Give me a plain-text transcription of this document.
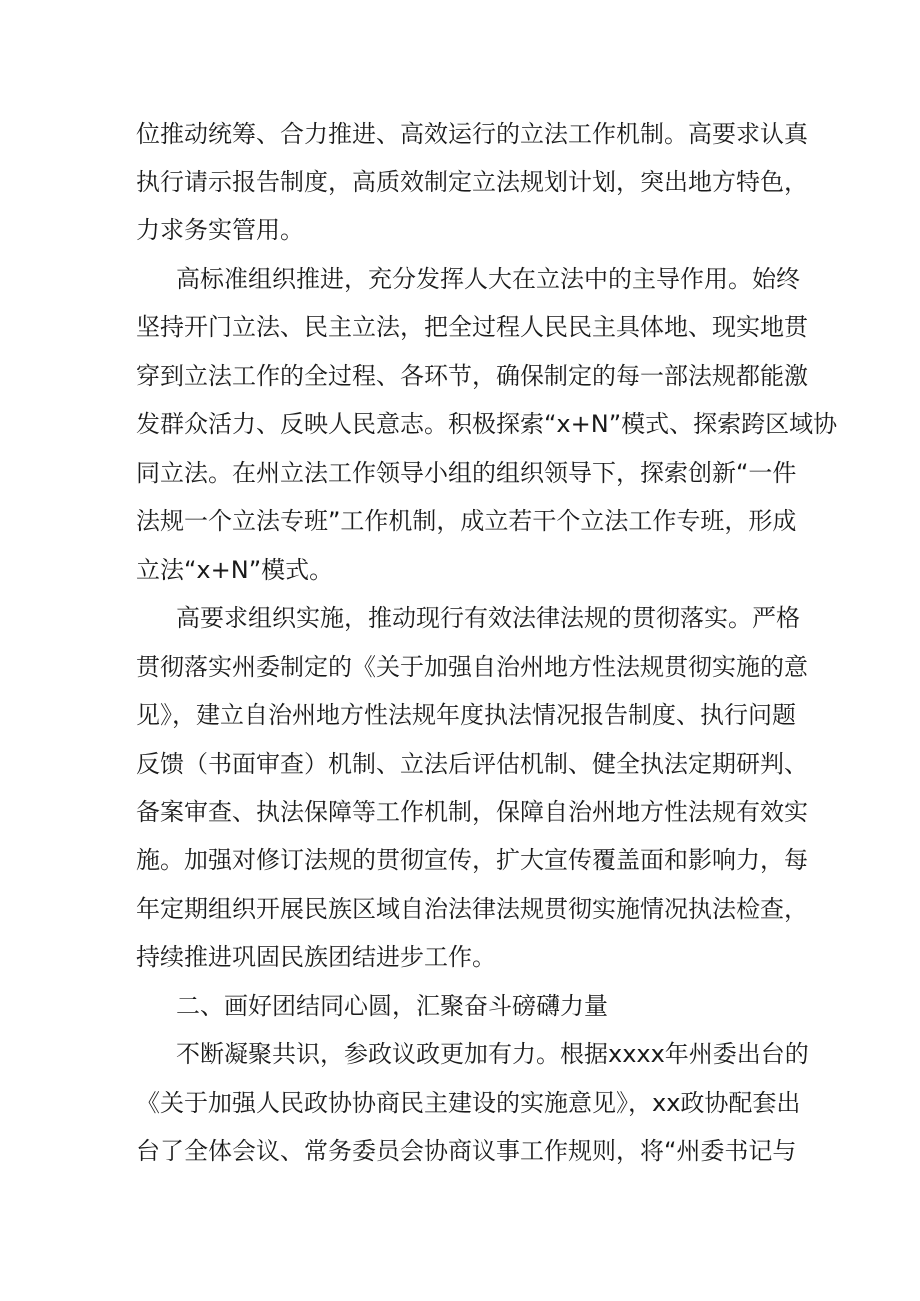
位推动统筹、合力推进、高效运行的立法工作机制。高要求认真
执行请示报告制度，高质效制定立法规划计划，突出地方特色，
力求务实管用。
高标准组织推进，充分发挥人大在立法中的主导作用。始终
坚持开门立法、民主立法，把全过程人民民主具体地、现实地贯
穿到立法工作的全过程、各环节，确保制定的每一部法规都能激
发群众活力、反映人民意志。积极探索“x+N”模式、探索跨区域协
同立法。在州立法工作领导小组的组织领导下，探索创新“一件
法规一个立法专班”工作机制，成立若干个立法工作专班，形成
立法“x+N”模式。
高要求组织实施，推动现行有效法律法规的贯彻落实。严格
贯彻落实州委制定的《关于加强自治州地方性法规贯彻实施的意
见》，建立自治州地方性法规年度执法情况报告制度、执行问题
反馈（书面审查）机制、立法后评估机制、健全执法定期研判、
备案审查、执法保障等工作机制，保障自治州地方性法规有效实
施。加强对修订法规的贯彻宣传，扩大宣传覆盖面和影响力，每
年定期组织开展民族区域自治法律法规贯彻实施情况执法检查，
持续推进巩固民族团结进步工作。
二、画好团结同心圆，汇聚奋斗磅礴力量
不断凝聚共识，参政议政更加有力。根据xxxx年州委出台的
《关于加强人民政协协商民主建设的实施意见》，xx政协配套出
台了全体会议、常务委员会协商议事工作规则，将“州委书记与
